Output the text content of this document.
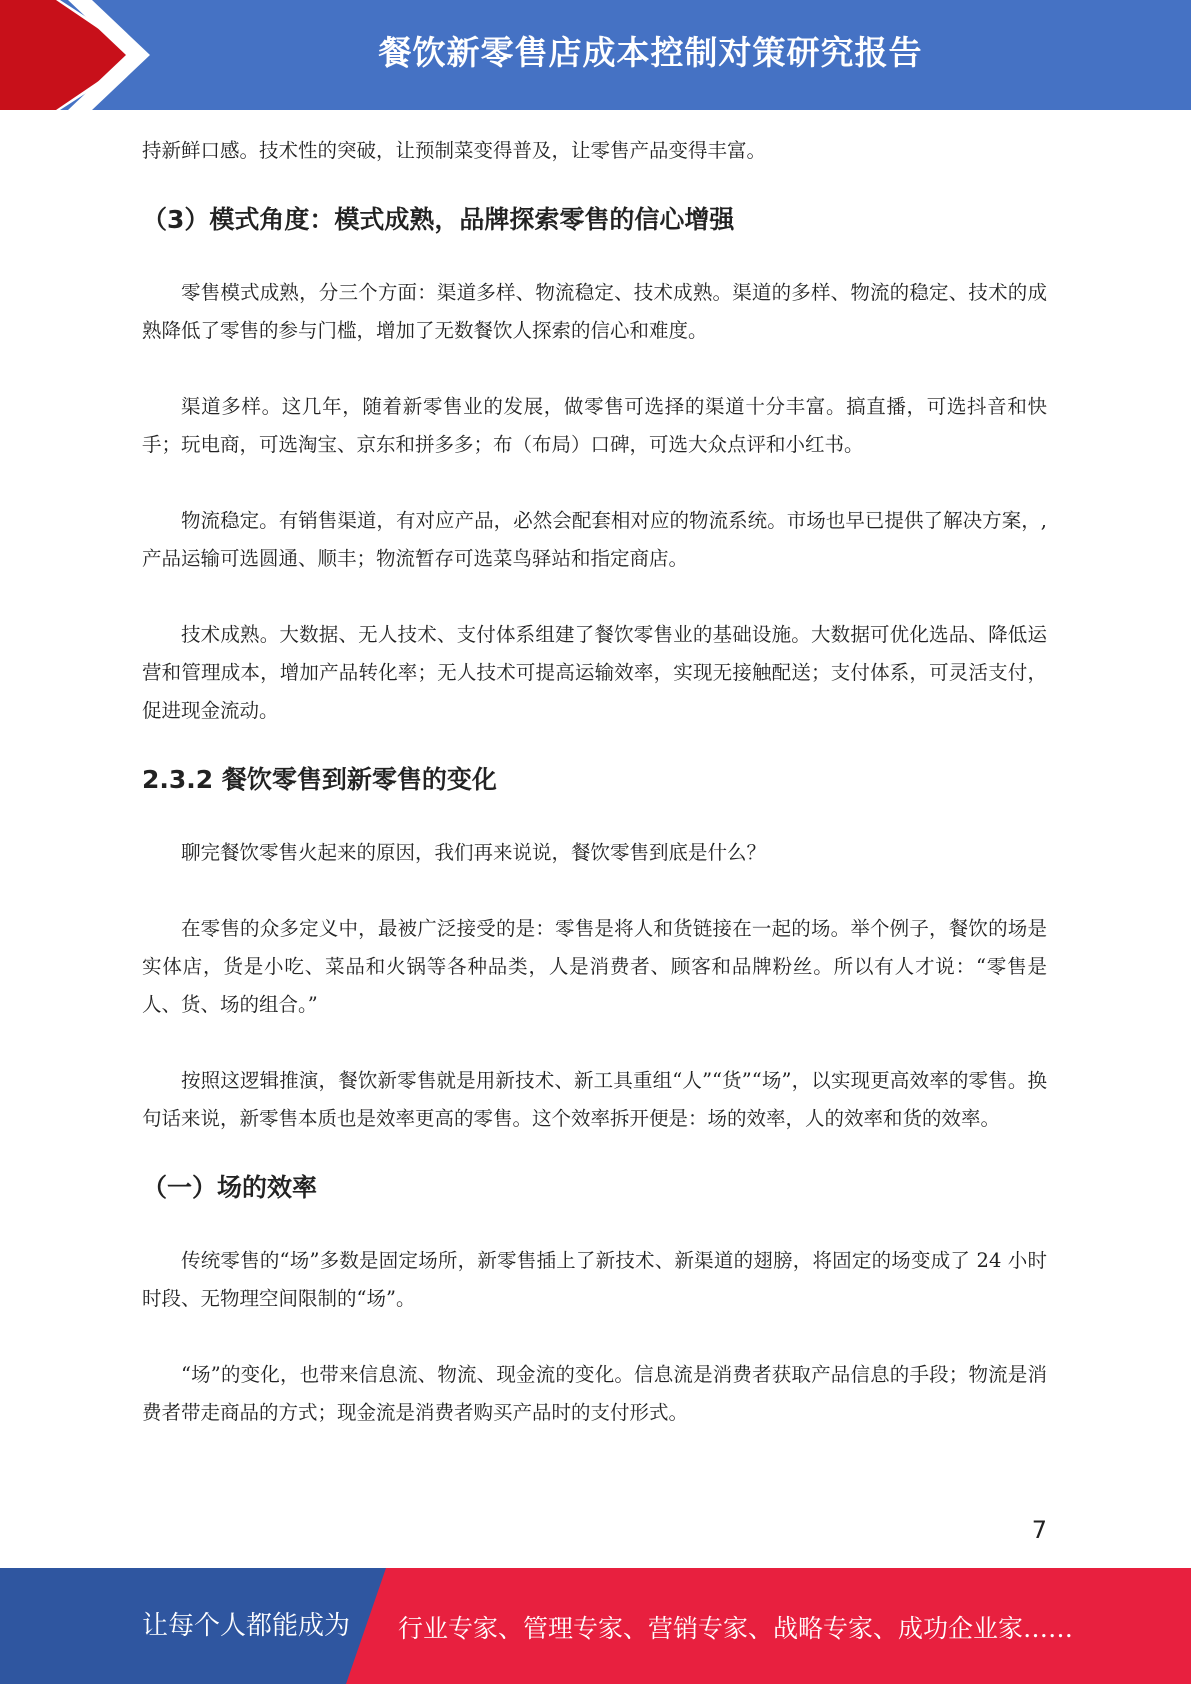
餐饮新零售店成本控制对策研究报告

持新鲜口感。技术性的突破，让预制菜变得普及，让零售产品变得丰富。

（3）模式角度：模式成熟，品牌探索零售的信心增强

零售模式成熟，分三个方面：渠道多样、物流稳定、技术成熟。渠道的多样、物流的稳定、技术的成熟降低了零售的参与门槛，增加了无数餐饮人探索的信心和难度。

渠道多样。这几年，随着新零售业的发展，做零售可选择的渠道十分丰富。搞直播，可选抖音和快手；玩电商，可选淘宝、京东和拼多多；布（布局）口碑，可选大众点评和小红书。

物流稳定。有销售渠道，有对应产品，必然会配套相对应的物流系统。市场也早已提供了解决方案，,产品运输可选圆通、顺丰；物流暂存可选菜鸟驿站和指定商店。

技术成熟。大数据、无人技术、支付体系组建了餐饮零售业的基础设施。大数据可优化选品、降低运营和管理成本，增加产品转化率；无人技术可提高运输效率，实现无接触配送；支付体系，可灵活支付，促进现金流动。

2.3.2 餐饮零售到新零售的变化

聊完餐饮零售火起来的原因，我们再来说说，餐饮零售到底是什么？

在零售的众多定义中，最被广泛接受的是：零售是将人和货链接在一起的场。举个例子，餐饮的场是实体店，货是小吃、菜品和火锅等各种品类，人是消费者、顾客和品牌粉丝。所以有人才说：“零售是人、货、场的组合。”

按照这逻辑推演，餐饮新零售就是用新技术、新工具重组“人”“货”“场”，以实现更高效率的零售。换句话来说，新零售本质也是效率更高的零售。这个效率拆开便是：场的效率，人的效率和货的效率。

（一）场的效率

传统零售的“场”多数是固定场所，新零售插上了新技术、新渠道的翅膀，将固定的场变成了 24 小时时段、无物理空间限制的“场”。

“场”的变化，也带来信息流、物流、现金流的变化。信息流是消费者获取产品信息的手段；物流是消费者带走商品的方式；现金流是消费者购买产品时的支付形式。

7
让每个人都能成为 行业专家、管理专家、营销专家、战略专家、成功企业家……
